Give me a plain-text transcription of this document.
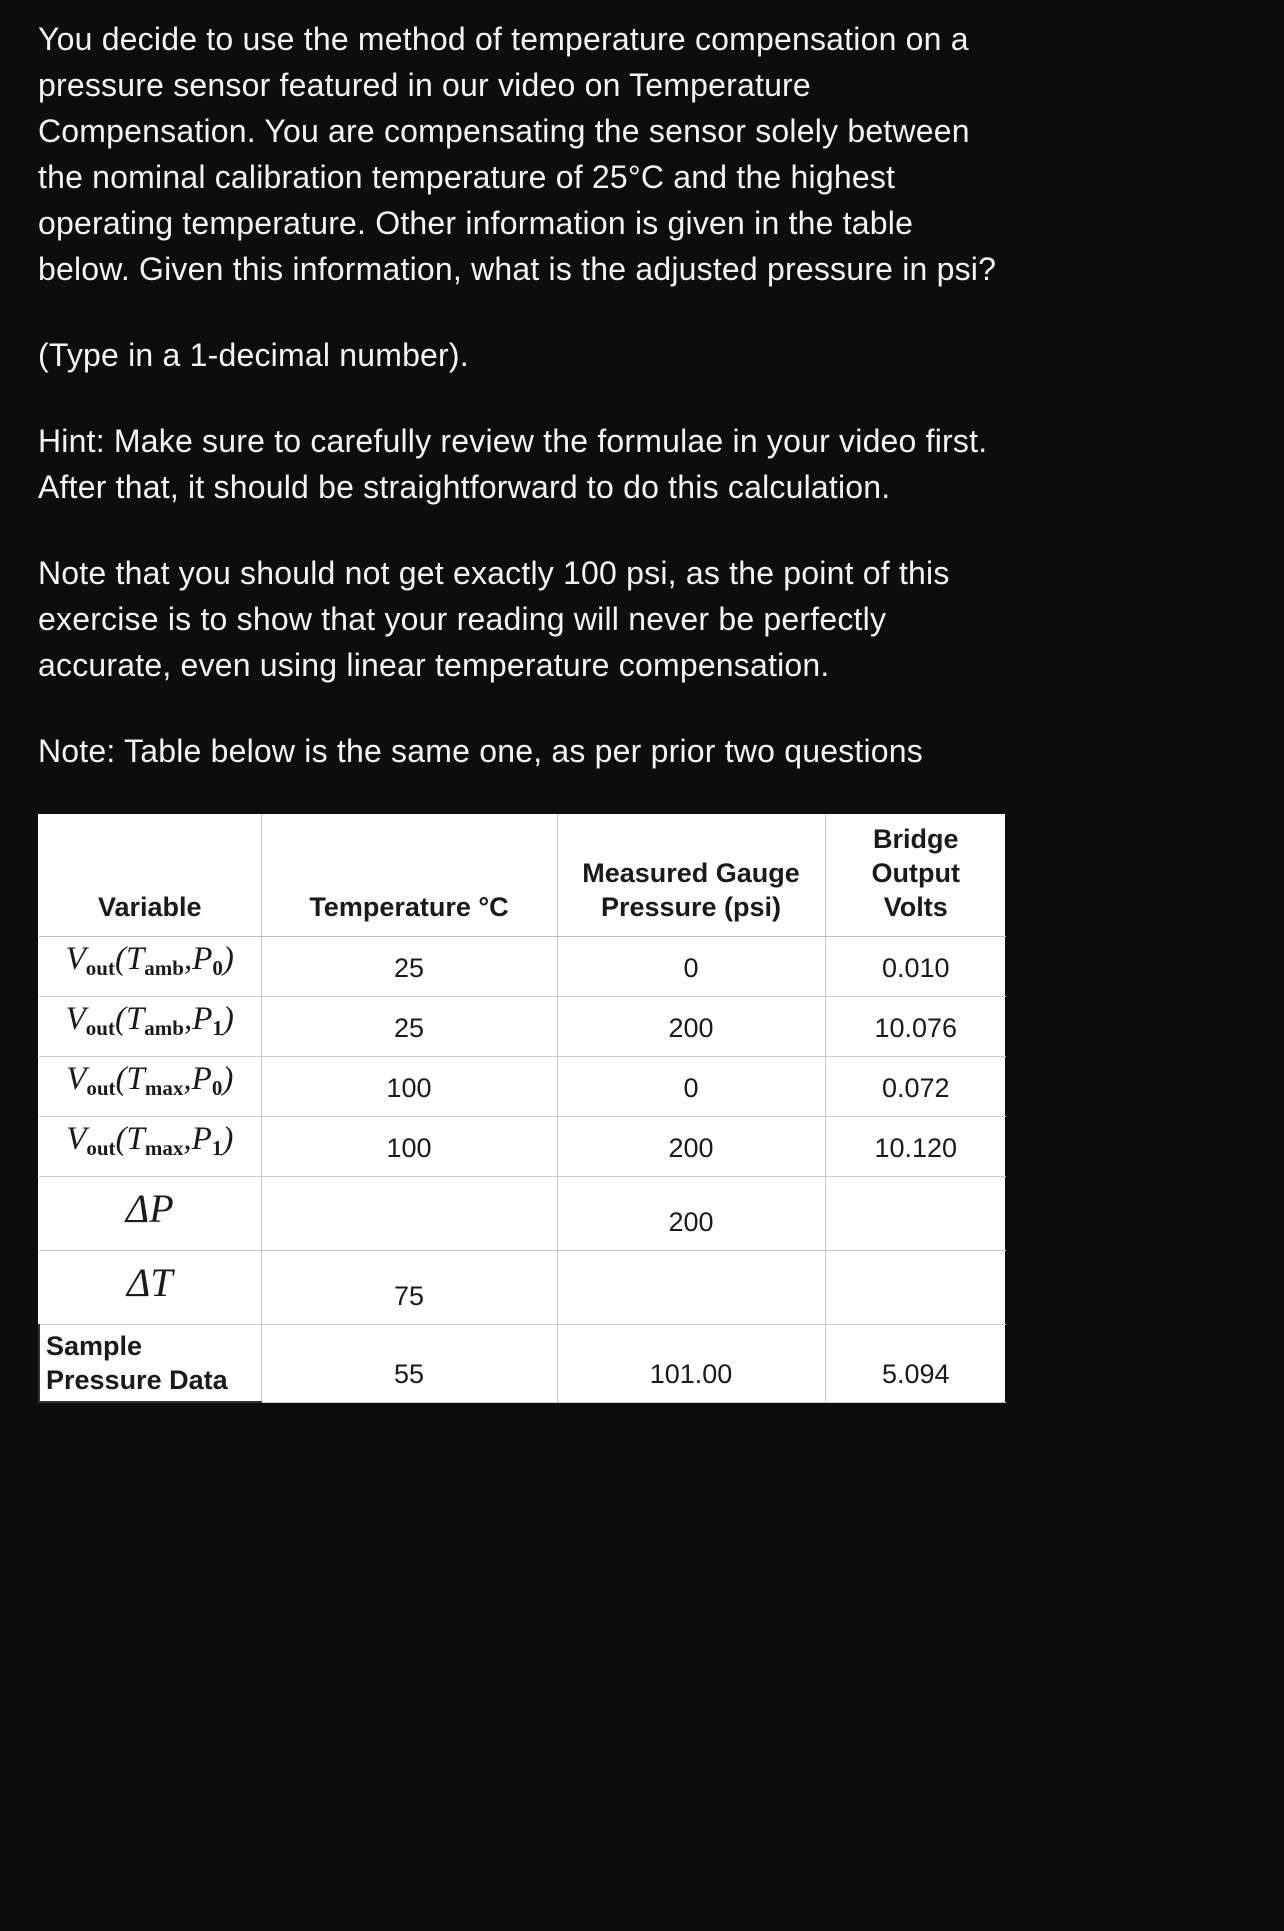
You decide to use the method of temperature compensation on a pressure sensor featured in our video on Temperature Compensation. You are compensating the sensor solely between the nominal calibration temperature of 25°C and the highest operating temperature. Other information is given in the table below. Given this information, what is the adjusted pressure in psi?

(Type in a 1-decimal number).

Hint: Make sure to carefully review the formulae in your video first. After that, it should be straightforward to do this calculation.

Note that you should not get exactly 100 psi, as the point of this exercise is to show that your reading will never be perfectly accurate, even using linear temperature compensation.

Note: Table below is the same one, as per prior two questions

Variable	Temperature °C	Measured Gauge Pressure (psi)	Bridge Output Volts
Vout(Tamb,P0)	25	0	0.010
Vout(Tamb,P1)	25	200	10.076
Vout(Tmax,P0)	100	0	0.072
Vout(Tmax,P1)	100	200	10.120
ΔP		200	
ΔT	75		
Sample Pressure Data	55	101.00	5.094
